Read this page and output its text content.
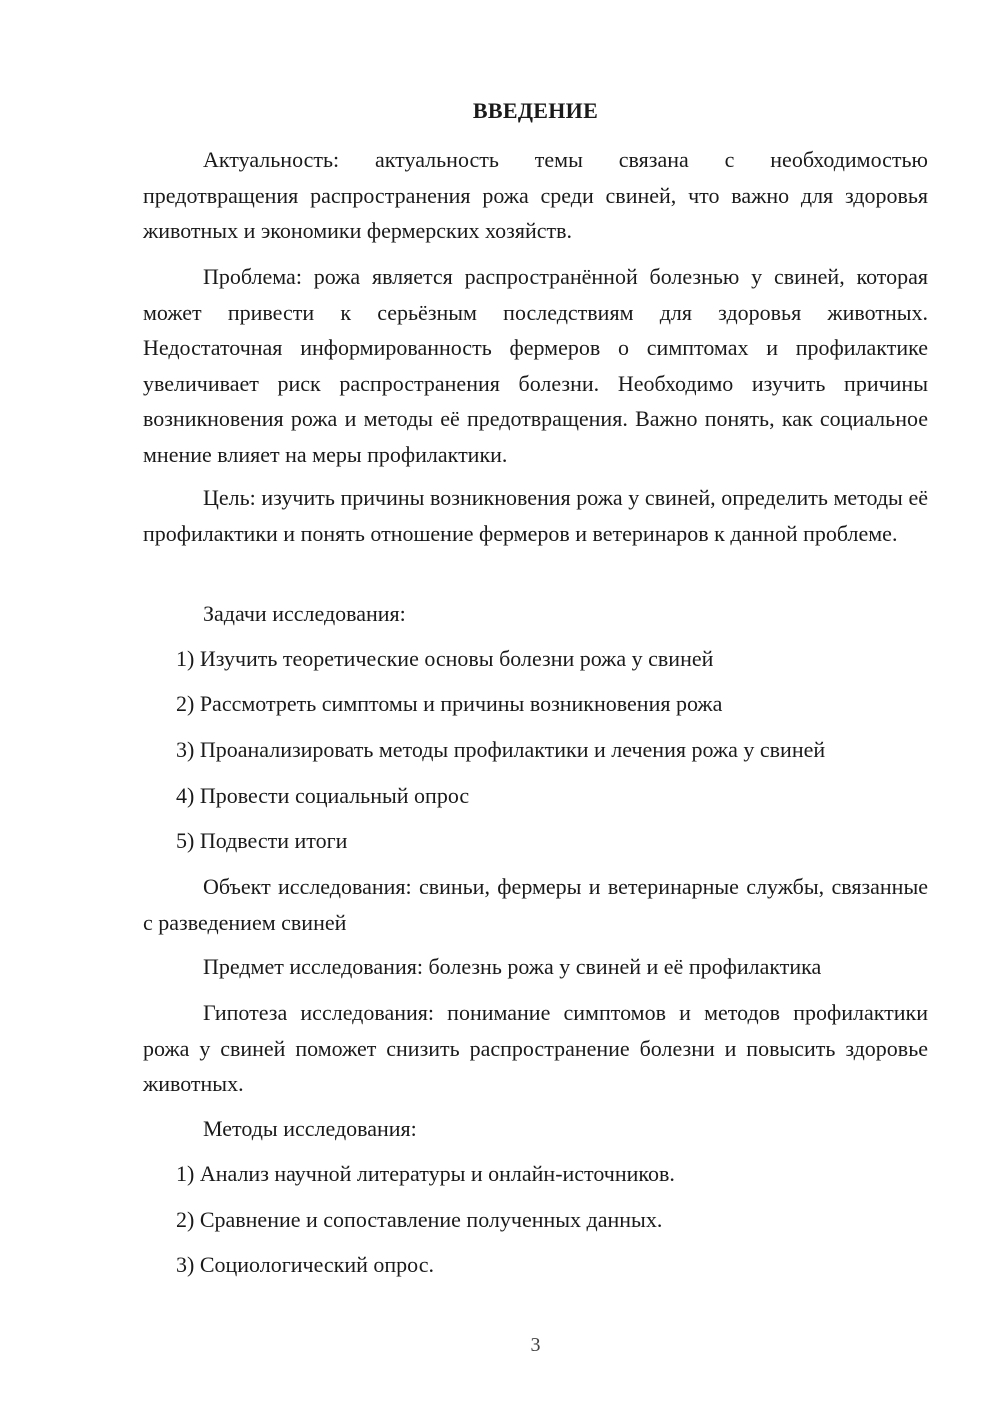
ВВЕДЕНИЕ

Актуальность: актуальность темы связана с необходимостью предотвращения распространения рожа среди свиней, что важно для здоровья животных и экономики фермерских хозяйств.

Проблема: рожа является распространённой болезнью у свиней, которая может привести к серьёзным последствиям для здоровья животных. Недостаточная информированность фермеров о симптомах и профилактике увеличивает риск распространения болезни. Необходимо изучить причины возникновения рожа и методы её предотвращения. Важно понять, как социальное мнение влияет на меры профилактики.

Цель: изучить причины возникновения рожа у свиней, определить методы её профилактики и понять отношение фермеров и ветеринаров к данной проблеме.

Задачи исследования:

1) Изучить теоретические основы болезни рожа у свиней

2) Рассмотреть симптомы и причины возникновения рожа

3) Проанализировать методы профилактики и лечения рожа у свиней

4) Провести социальный опрос

5) Подвести итоги

Объект исследования: свиньи, фермеры и ветеринарные службы, связанные с разведением свиней

Предмет исследования: болезнь рожа у свиней и её профилактика

Гипотеза исследования: понимание симптомов и методов профилактики рожа у свиней поможет снизить распространение болезни и повысить здоровье животных.

Методы исследования:

1) Анализ научной литературы и онлайн-источников.

2) Сравнение и сопоставление полученных данных.

3) Социологический опрос.

3
